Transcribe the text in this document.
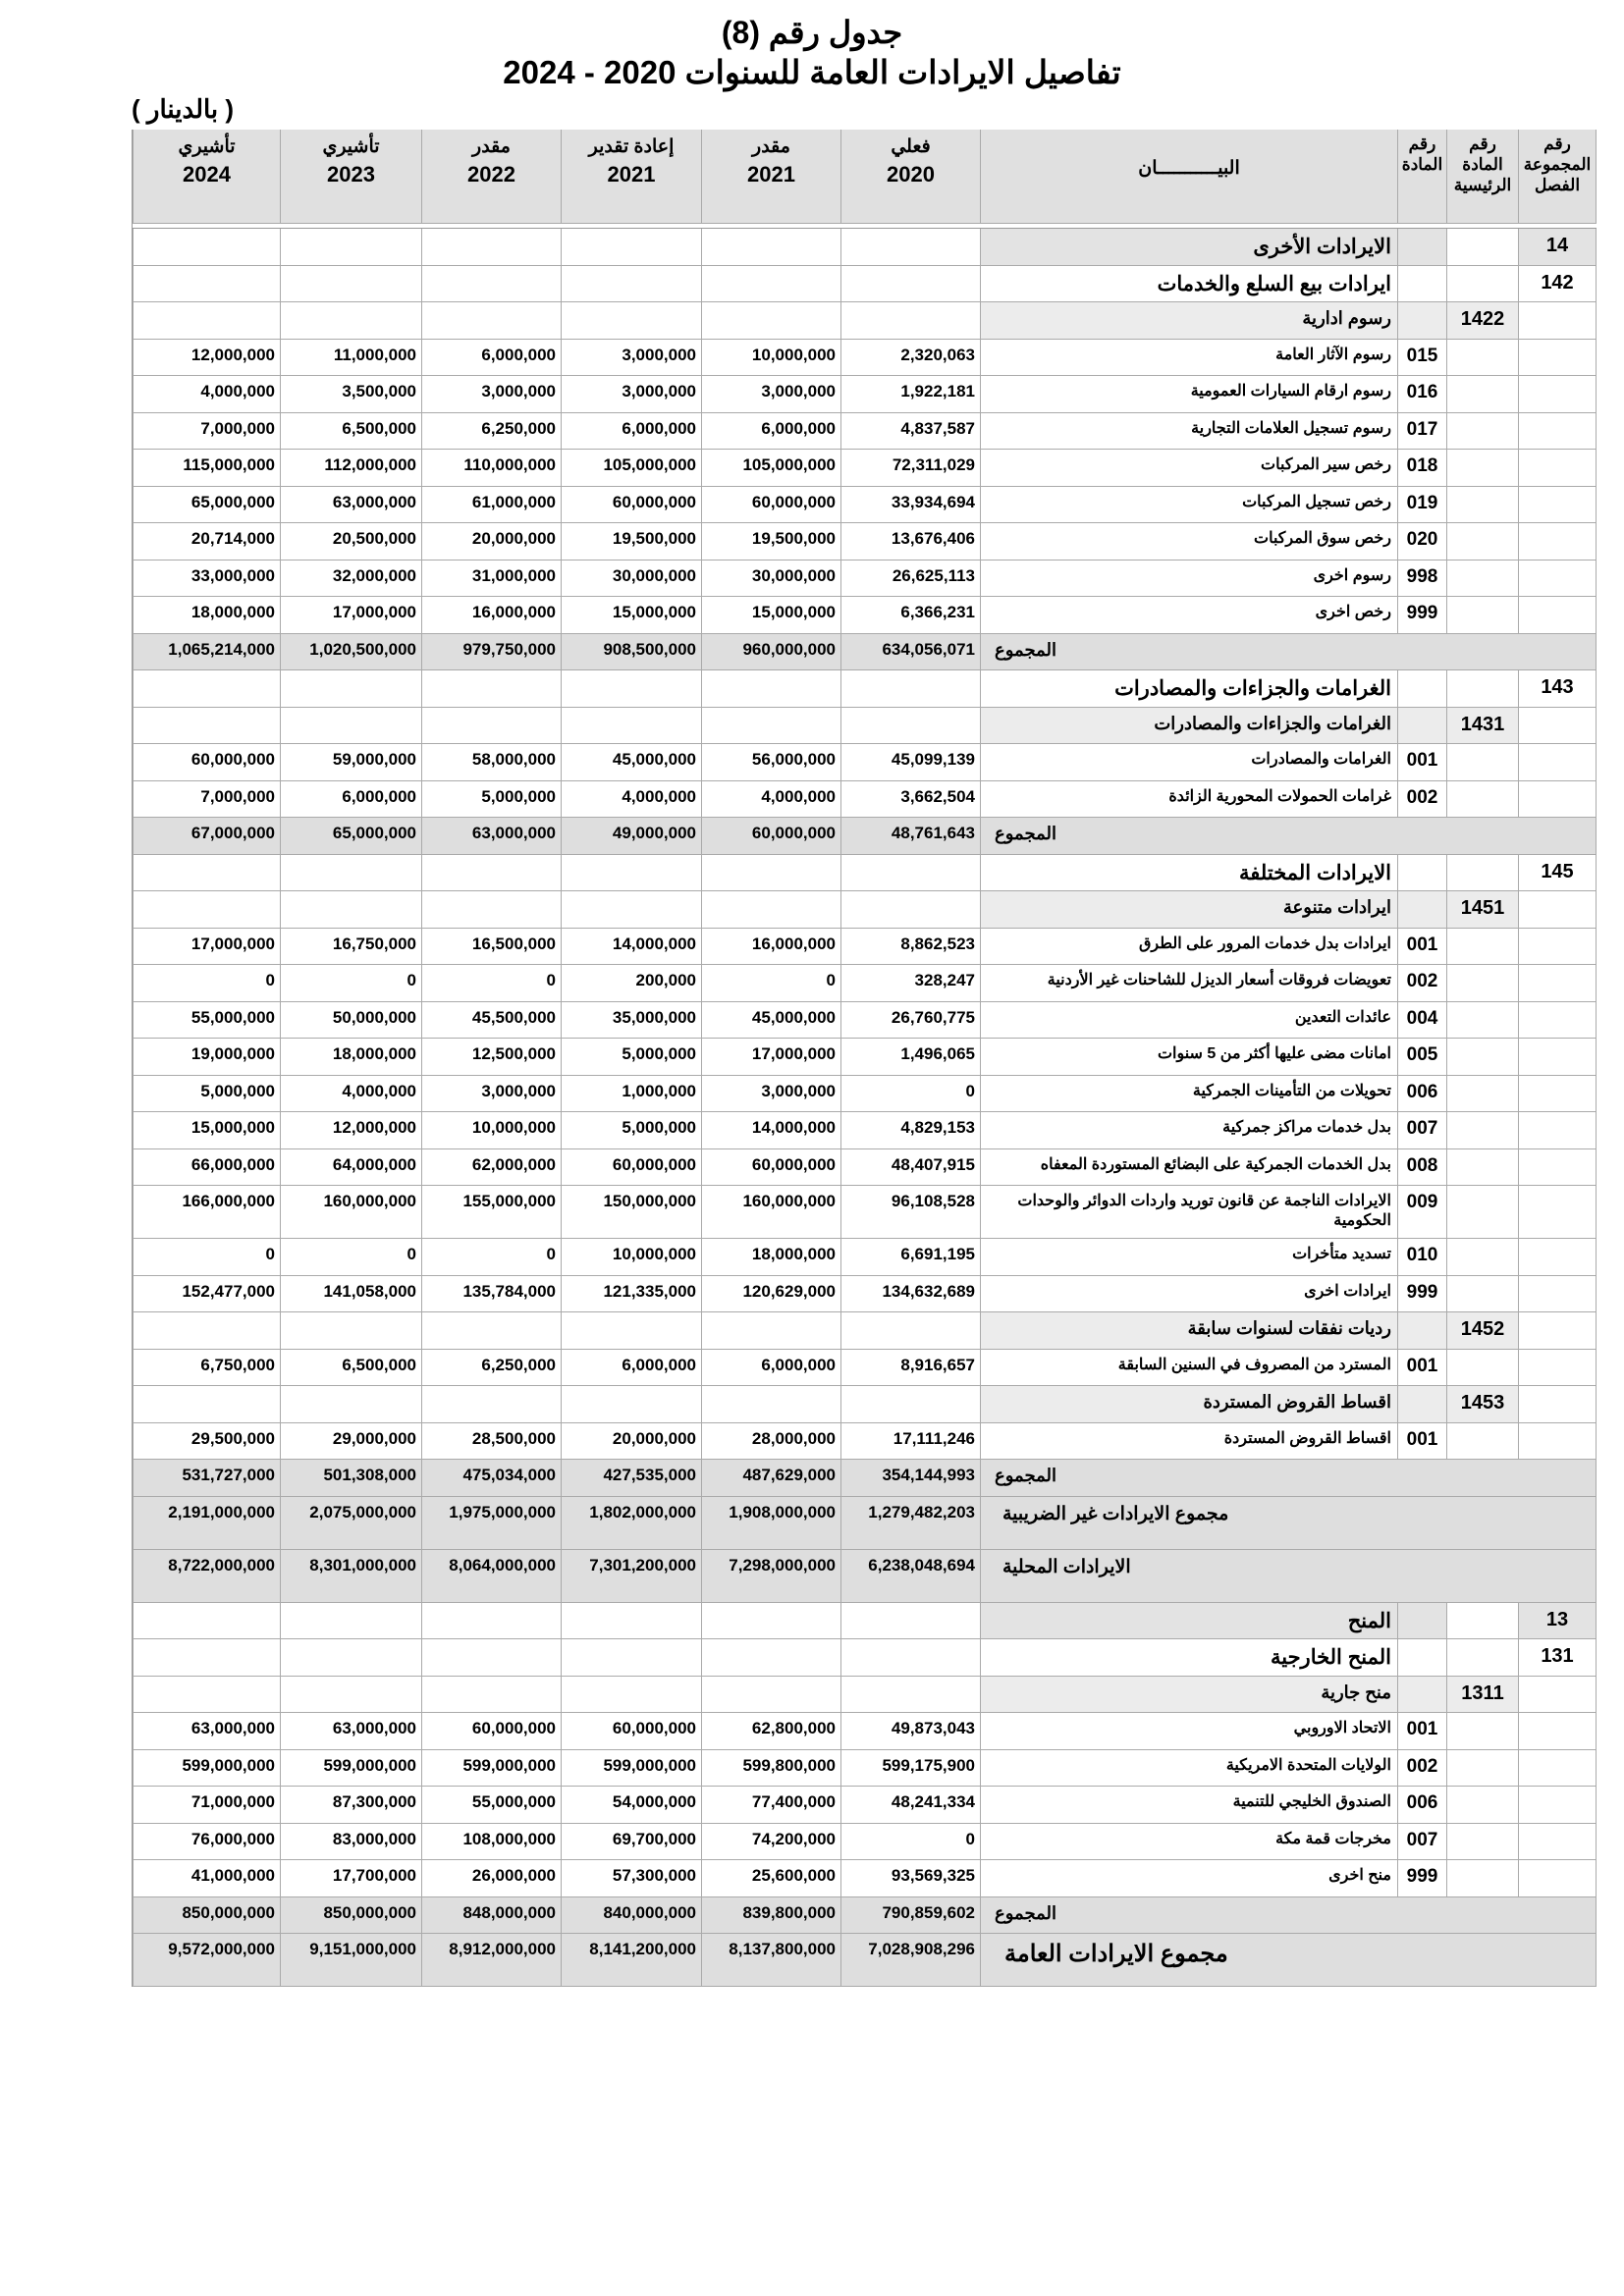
جدول رقم (8)
تفاصيل الايرادات العامة للسنوات 2020 - 2024
( بالدينار )
رقم المجموعة الفصل
رقم المادة الرئيسية
رقم المادة
البيـــــــــــان
فعلي
2020
مقدر
2021
إعادة تقدير
2021
مقدر
2022
تأشيري
2023
تأشيري
2024
14
الايرادات الأخرى
142
ايرادات بيع السلع والخدمات
1422
رسوم ادارية
015
رسوم الآثار العامة
2,320,063
10,000,000
3,000,000
6,000,000
11,000,000
12,000,000
016
رسوم ارقام السيارات العمومية
1,922,181
3,000,000
3,000,000
3,000,000
3,500,000
4,000,000
017
رسوم تسجيل العلامات التجارية
4,837,587
6,000,000
6,000,000
6,250,000
6,500,000
7,000,000
018
رخص سير المركبات
72,311,029
105,000,000
105,000,000
110,000,000
112,000,000
115,000,000
019
رخص تسجيل المركبات
33,934,694
60,000,000
60,000,000
61,000,000
63,000,000
65,000,000
020
رخص سوق المركبات
13,676,406
19,500,000
19,500,000
20,000,000
20,500,000
20,714,000
998
رسوم اخرى
26,625,113
30,000,000
30,000,000
31,000,000
32,000,000
33,000,000
999
رخص اخرى
6,366,231
15,000,000
15,000,000
16,000,000
17,000,000
18,000,000
المجموع
634,056,071
960,000,000
908,500,000
979,750,000
1,020,500,000
1,065,214,000
143
الغرامات والجزاءات والمصادرات
1431
الغرامات والجزاءات والمصادرات
001
الغرامات والمصادرات
45,099,139
56,000,000
45,000,000
58,000,000
59,000,000
60,000,000
002
غرامات الحمولات المحورية الزائدة
3,662,504
4,000,000
4,000,000
5,000,000
6,000,000
7,000,000
المجموع
48,761,643
60,000,000
49,000,000
63,000,000
65,000,000
67,000,000
145
الايرادات المختلفة
1451
ايرادات متنوعة
001
ايرادات بدل خدمات المرور على الطرق
8,862,523
16,000,000
14,000,000
16,500,000
16,750,000
17,000,000
002
تعويضات فروقات أسعار الديزل للشاحنات غير الأردنية
328,247
0
200,000
0
0
0
004
عائدات التعدين
26,760,775
45,000,000
35,000,000
45,500,000
50,000,000
55,000,000
005
امانات مضى عليها أكثر من 5 سنوات
1,496,065
17,000,000
5,000,000
12,500,000
18,000,000
19,000,000
006
تحويلات من التأمينات الجمركية
0
3,000,000
1,000,000
3,000,000
4,000,000
5,000,000
007
بدل خدمات مراكز جمركية
4,829,153
14,000,000
5,000,000
10,000,000
12,000,000
15,000,000
008
بدل الخدمات الجمركية على البضائع المستوردة المعفاه
48,407,915
60,000,000
60,000,000
62,000,000
64,000,000
66,000,000
009
الايرادات الناجمة عن قانون توريد واردات الدوائر والوحدات الحكومية
96,108,528
160,000,000
150,000,000
155,000,000
160,000,000
166,000,000
010
تسديد متأخرات
6,691,195
18,000,000
10,000,000
0
0
0
999
ايرادات اخرى
134,632,689
120,629,000
121,335,000
135,784,000
141,058,000
152,477,000
1452
رديات نفقات لسنوات سابقة
001
المسترد من المصروف في السنين السابقة
8,916,657
6,000,000
6,000,000
6,250,000
6,500,000
6,750,000
1453
اقساط القروض المستردة
001
اقساط القروض المستردة
17,111,246
28,000,000
20,000,000
28,500,000
29,000,000
29,500,000
المجموع
354,144,993
487,629,000
427,535,000
475,034,000
501,308,000
531,727,000
مجموع الايرادات غير الضريبية
1,279,482,203
1,908,000,000
1,802,000,000
1,975,000,000
2,075,000,000
2,191,000,000
الايرادات المحلية
6,238,048,694
7,298,000,000
7,301,200,000
8,064,000,000
8,301,000,000
8,722,000,000
13
المنح
131
المنح الخارجية
1311
منح جارية
001
الاتحاد الاوروبي
49,873,043
62,800,000
60,000,000
60,000,000
63,000,000
63,000,000
002
الولايات المتحدة الامريكية
599,175,900
599,800,000
599,000,000
599,000,000
599,000,000
599,000,000
006
الصندوق الخليجي للتنمية
48,241,334
77,400,000
54,000,000
55,000,000
87,300,000
71,000,000
007
مخرجات قمة مكة
0
74,200,000
69,700,000
108,000,000
83,000,000
76,000,000
999
منح اخرى
93,569,325
25,600,000
57,300,000
26,000,000
17,700,000
41,000,000
المجموع
790,859,602
839,800,000
840,000,000
848,000,000
850,000,000
850,000,000
مجموع الايرادات العامة
7,028,908,296
8,137,800,000
8,141,200,000
8,912,000,000
9,151,000,000
9,572,000,000
